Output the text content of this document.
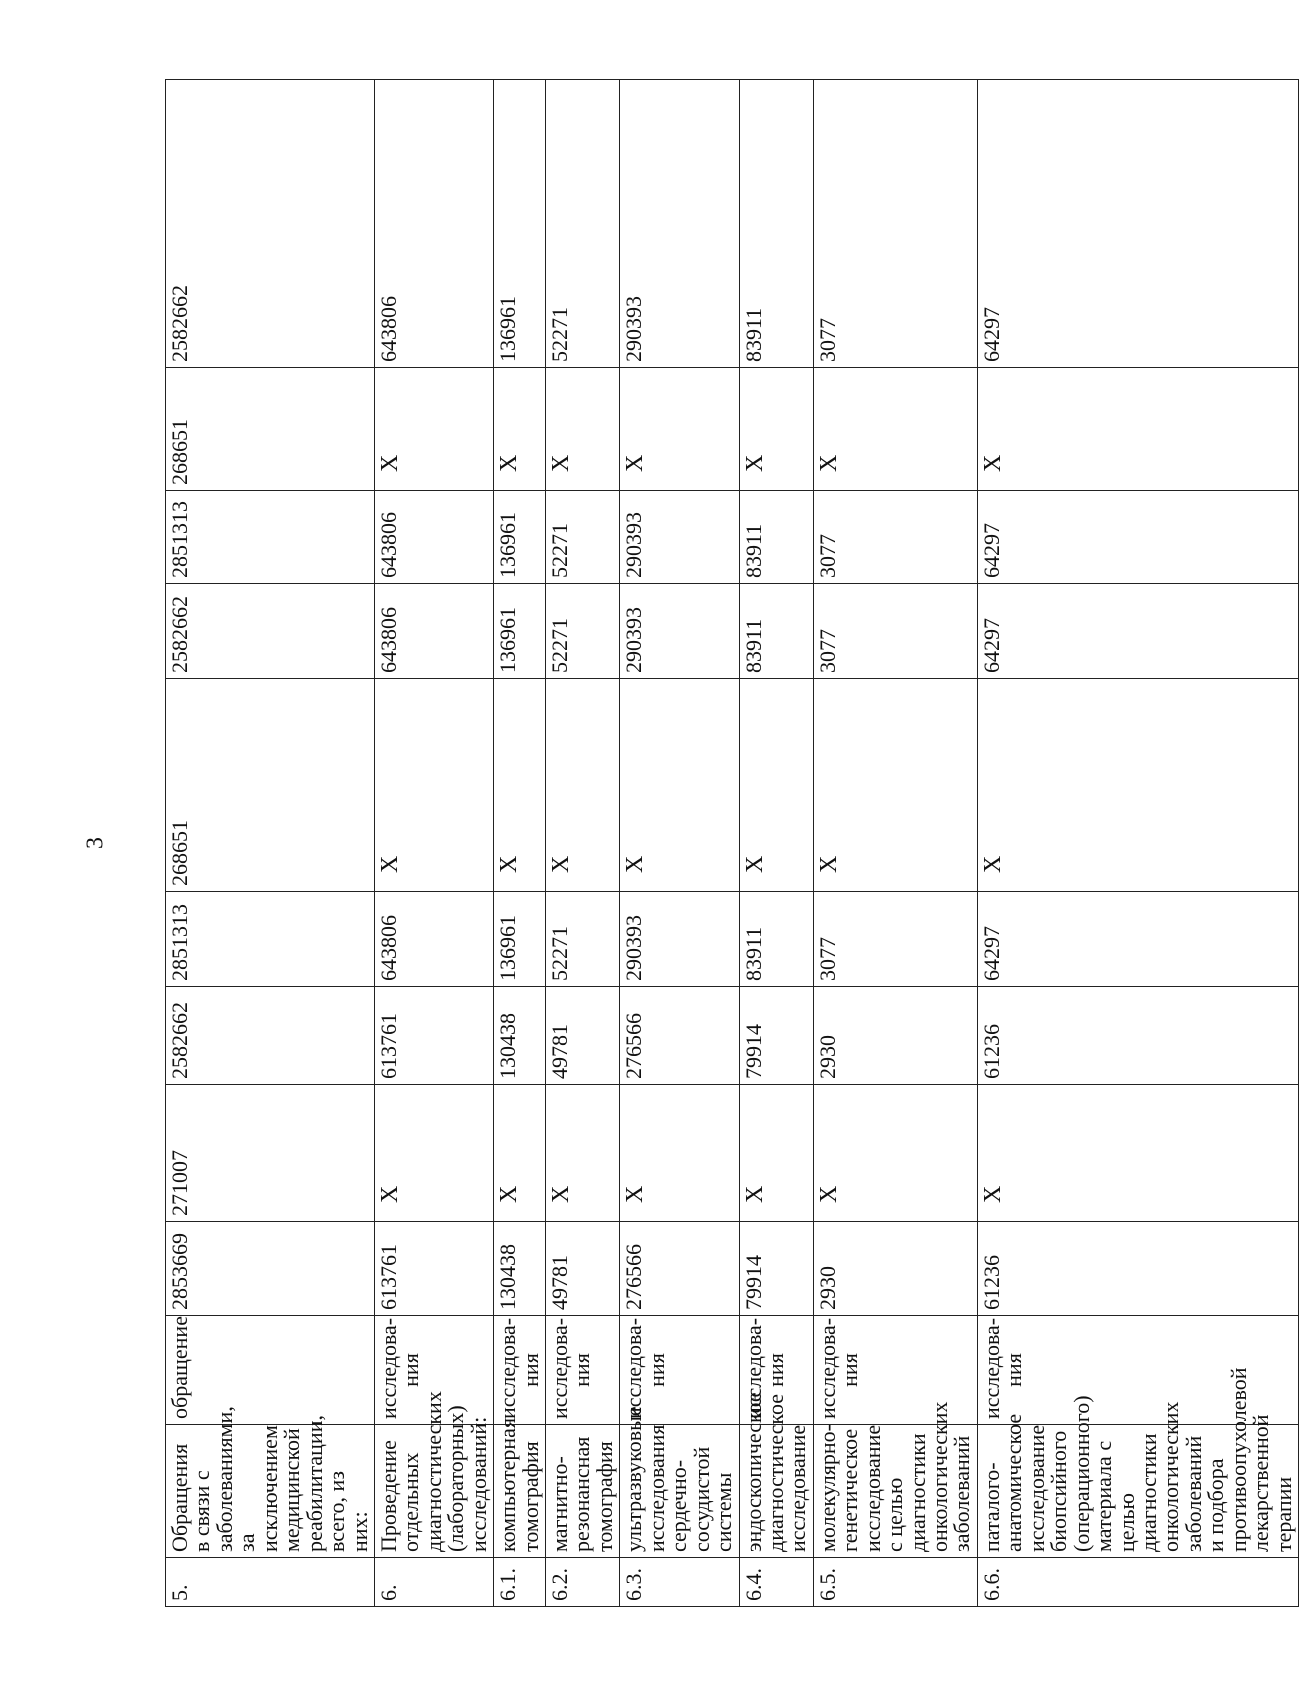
3
5.	Обращения в связи с заболеваниями, за исключением медицинской реабилитации, всего, из них:	обращение	2853669	271007	2582662	2851313	268651	2582662	2851313	268651	2582662
6.	Проведение отдельных диагностических (лабораторных) исследований:	исследова-ния	613761	X	613761	643806	X	643806	643806	X	643806
6.1.	компьютерная томография	исследова-ния	130438	X	130438	136961	X	136961	136961	X	136961
6.2.	магнитно-резонансная томография	исследова-ния	49781	X	49781	52271	X	52271	52271	X	52271
6.3.	ультразвуковые исследования сердечно-сосудистой системы	исследова-ния	276566	X	276566	290393	X	290393	290393	X	290393
6.4.	эндоскопическое диагностическое исследование	исследова-ния	79914	X	79914	83911	X	83911	83911	X	83911
6.5.	молекулярно-генетическое исследование с целью диагностики онкологических заболеваний	исследова-ния	2930	X	2930	3077	X	3077	3077	X	3077
6.6.	паталого-анатомическое исследование биопсийного (операционного) материала с целью диагностики онкологических заболеваний и подбора противоопухолевой лекарственной терапии	исследова-ния	61236	X	61236	64297	X	64297	64297	X	64297
